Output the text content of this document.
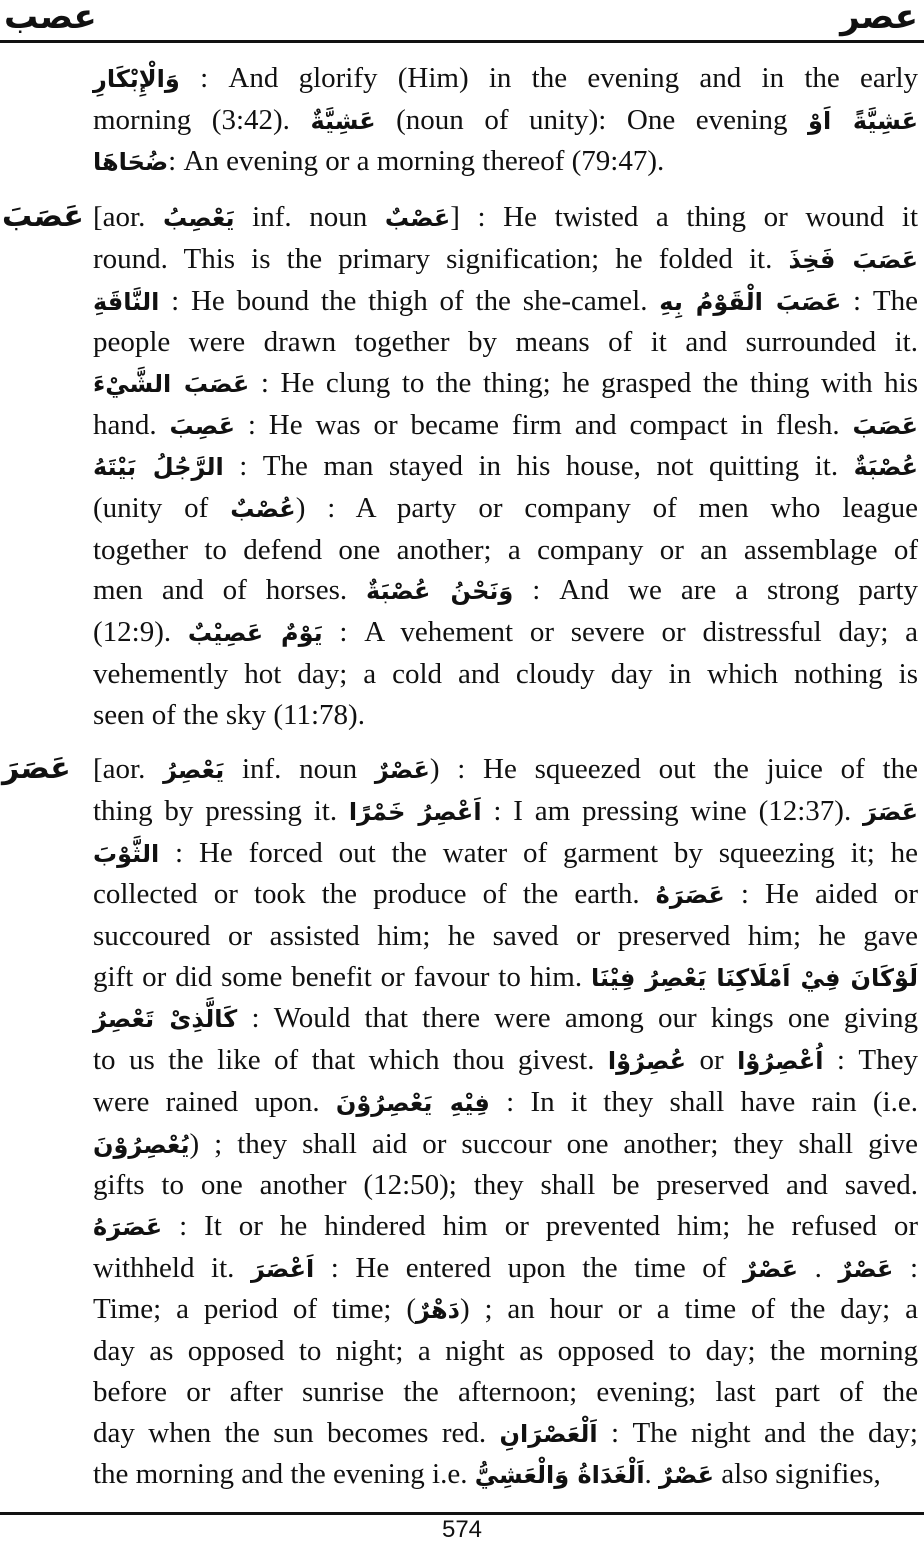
عصب	عصر
وَالْإِبْكَارِ : And glorify (Him) in the evening and in the early
morning (3:42). عَشِيَّةٌ (noun of unity): One evening عَشِيَّةً اَوْ
ضُحَاهَا: An evening or a morning thereof (79:47).
عَصَبَ [aor. يَعْصِبُ inf. noun عَصْبٌ] : He twisted a thing or wound it
round. This is the primary signification; he folded it. عَصَبَ فَخِذَ
النَّاقَةِ : He bound the thigh of the she-camel. عَصَبَ الْقَوْمُ بِهِ : The
people were drawn together by means of it and surrounded it.
عَصَبَ الشَّيْءَ : He clung to the thing; he grasped the thing with his
hand. عَصِبَ : He was or became firm and compact in flesh. عَصَبَ
الرَّجُلُ بَيْتَهُ : The man stayed in his house, not quitting it. عُصْبَةٌ
(unity of عُصْبٌ) : A party or company of men who league
together to defend one another; a company or an assemblage of
men and of horses. وَنَحْنُ عُصْبَةٌ : And we are a strong party
(12:9). يَوْمٌ عَصِيْبٌ : A vehement or severe or distressful day; a
vehemently hot day; a cold and cloudy day in which nothing is
seen of the sky (11:78).
عَصَرَ [aor. يَعْصِرُ inf. noun عَصْرٌ) : He squeezed out the juice of the
thing by pressing it. اَعْصِرُ خَمْرًا : I am pressing wine (12:37). عَصَرَ
الثَّوْبَ : He forced out the water of garment by squeezing it; he
collected or took the produce of the earth. عَصَرَهُ : He aided or
succoured or assisted him; he saved or preserved him; he gave
gift or did some benefit or favour to him. لَوْكَانَ فِيْ اَمْلَاكِنَا يَعْصِرُ فِيْنَا
كَالَّذِىْ تَعْصِرُ : Would that there were among our kings one giving
to us the like of that which thou givest. عُصِرُوْا or اُعْصِرُوْا : They
were rained upon. فِيْهِ يَعْصِرُوْنَ : In it they shall have rain (i.e.
يُعْصِرُوْنَ) ; they shall aid or succour one another; they shall give
gifts to one another (12:50); they shall be preserved and saved.
عَصَرَهُ : It or he hindered him or prevented him; he refused or
withheld it. اَعْصَرَ : He entered upon the time of عَصْرٌ . عَصْرٌ :
Time; a period of time; (دَهْرٌ) ; an hour or a time of the day; a
day as opposed to night; a night as opposed to day; the morning
before or after sunrise the afternoon; evening; last part of the
day when the sun becomes red. اَلْعَصْرَانِ : The night and the day;
the morning and the evening i.e. اَلْغَدَاةُ وَالْعَشِيُّ. عَصْرٌ also signifies,
574
